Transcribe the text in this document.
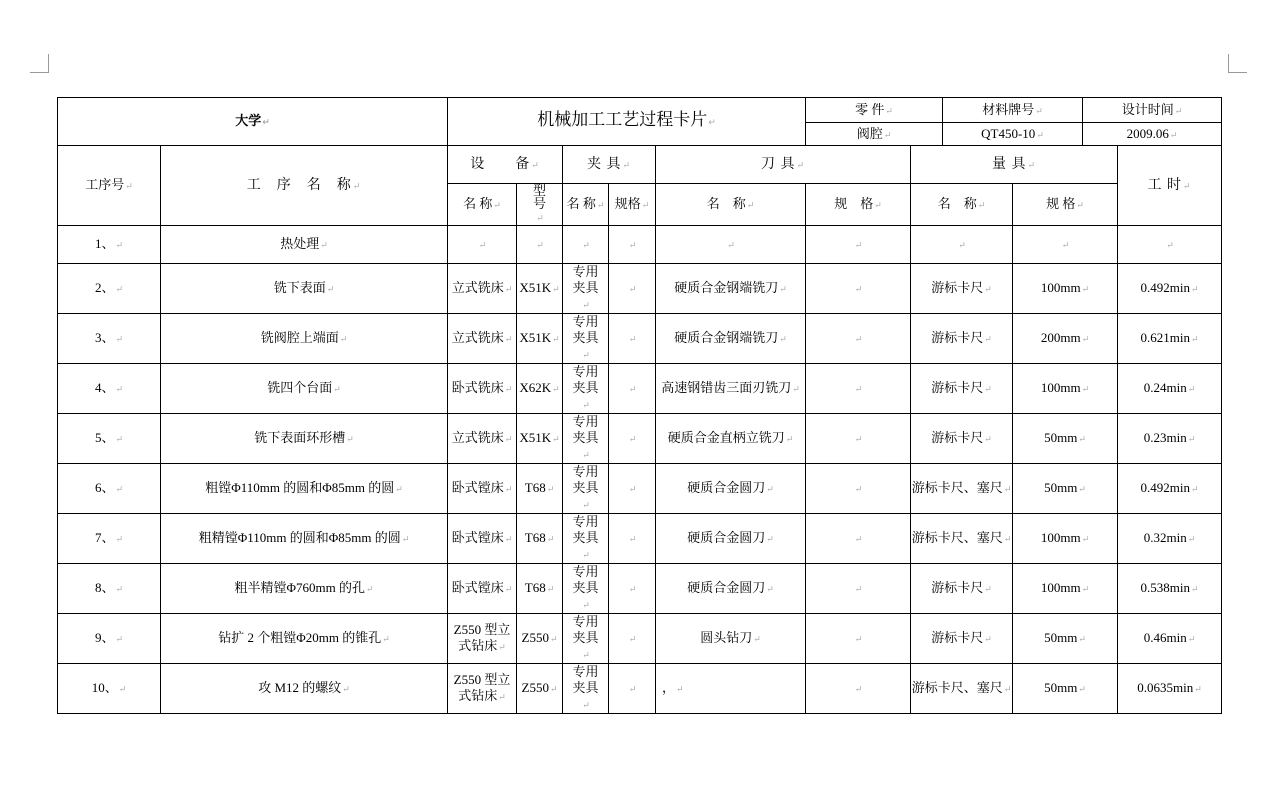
大学 ↵	机械加工工艺过程卡片 ↵	零 件 ↵	材料牌号 ↵	设计时间 ↵
		阀腔 ↵	QT450-10 ↵	2009.06 ↵
工序号 ↵	工　序　名　称 ↵	设　　备 ↵		夹 具 ↵		刀 具 ↵		量 具 ↵		工 时 ↵
		名 称 ↵	型号 ↵	名 称 ↵	规格 ↵	名　称 ↵	规　格 ↵	名　称 ↵	规 格 ↵
1、 ↵	热处理 ↵	↵	↵	↵	↵	↵	↵	↵	↵	↵
2、 ↵	铣下表面 ↵	立式铣床 ↵	X51K ↵	专用夹具 ↵	↵	硬质合金钢端铣刀 ↵	↵	游标卡尺 ↵	100mm ↵	0.492min ↵
3、 ↵	铣阀腔上端面 ↵	立式铣床 ↵	X51K ↵	专用夹具 ↵	↵	硬质合金钢端铣刀 ↵	↵	游标卡尺 ↵	200mm ↵	0.621min ↵
4、 ↵	铣四个台面 ↵	卧式铣床 ↵	X62K ↵	专用夹具 ↵	↵	高速钢错齿三面刃铣刀 ↵	↵	游标卡尺 ↵	100mm ↵	0.24min ↵
5、 ↵	铣下表面环形槽 ↵	立式铣床 ↵	X51K ↵	专用夹具 ↵	↵	硬质合金直柄立铣刀 ↵	↵	游标卡尺 ↵	50mm ↵	0.23min ↵
6、 ↵	粗镗Φ110mm 的圆和Φ85mm 的圆 ↵	卧式镗床 ↵	T68 ↵	专用夹具 ↵	↵	硬质合金圆刀 ↵	↵	游标卡尺、塞尺 ↵	50mm ↵	0.492min ↵
7、 ↵	粗精镗Φ110mm 的圆和Φ85mm 的圆 ↵	卧式镗床 ↵	T68 ↵	专用夹具 ↵	↵	硬质合金圆刀 ↵	↵	游标卡尺、塞尺 ↵	100mm ↵	0.32min ↵
8、 ↵	粗半精镗Φ760mm 的孔 ↵	卧式镗床 ↵	T68 ↵	专用夹具 ↵	↵	硬质合金圆刀 ↵	↵	游标卡尺 ↵	100mm ↵	0.538min ↵
9、 ↵	钻扩 2 个粗镗Φ20mm 的锥孔 ↵	Z550 型立式钻床 ↵	Z550 ↵	专用夹具 ↵	↵	圆头钻刀 ↵	↵	游标卡尺 ↵	50mm ↵	0.46min ↵
10、 ↵	攻 M12 的螺纹 ↵	Z550 型立式钻床 ↵	Z550 ↵	专用夹具 ↵	↵	， ↵	↵	游标卡尺、塞尺 ↵	50mm ↵	0.0635min ↵
